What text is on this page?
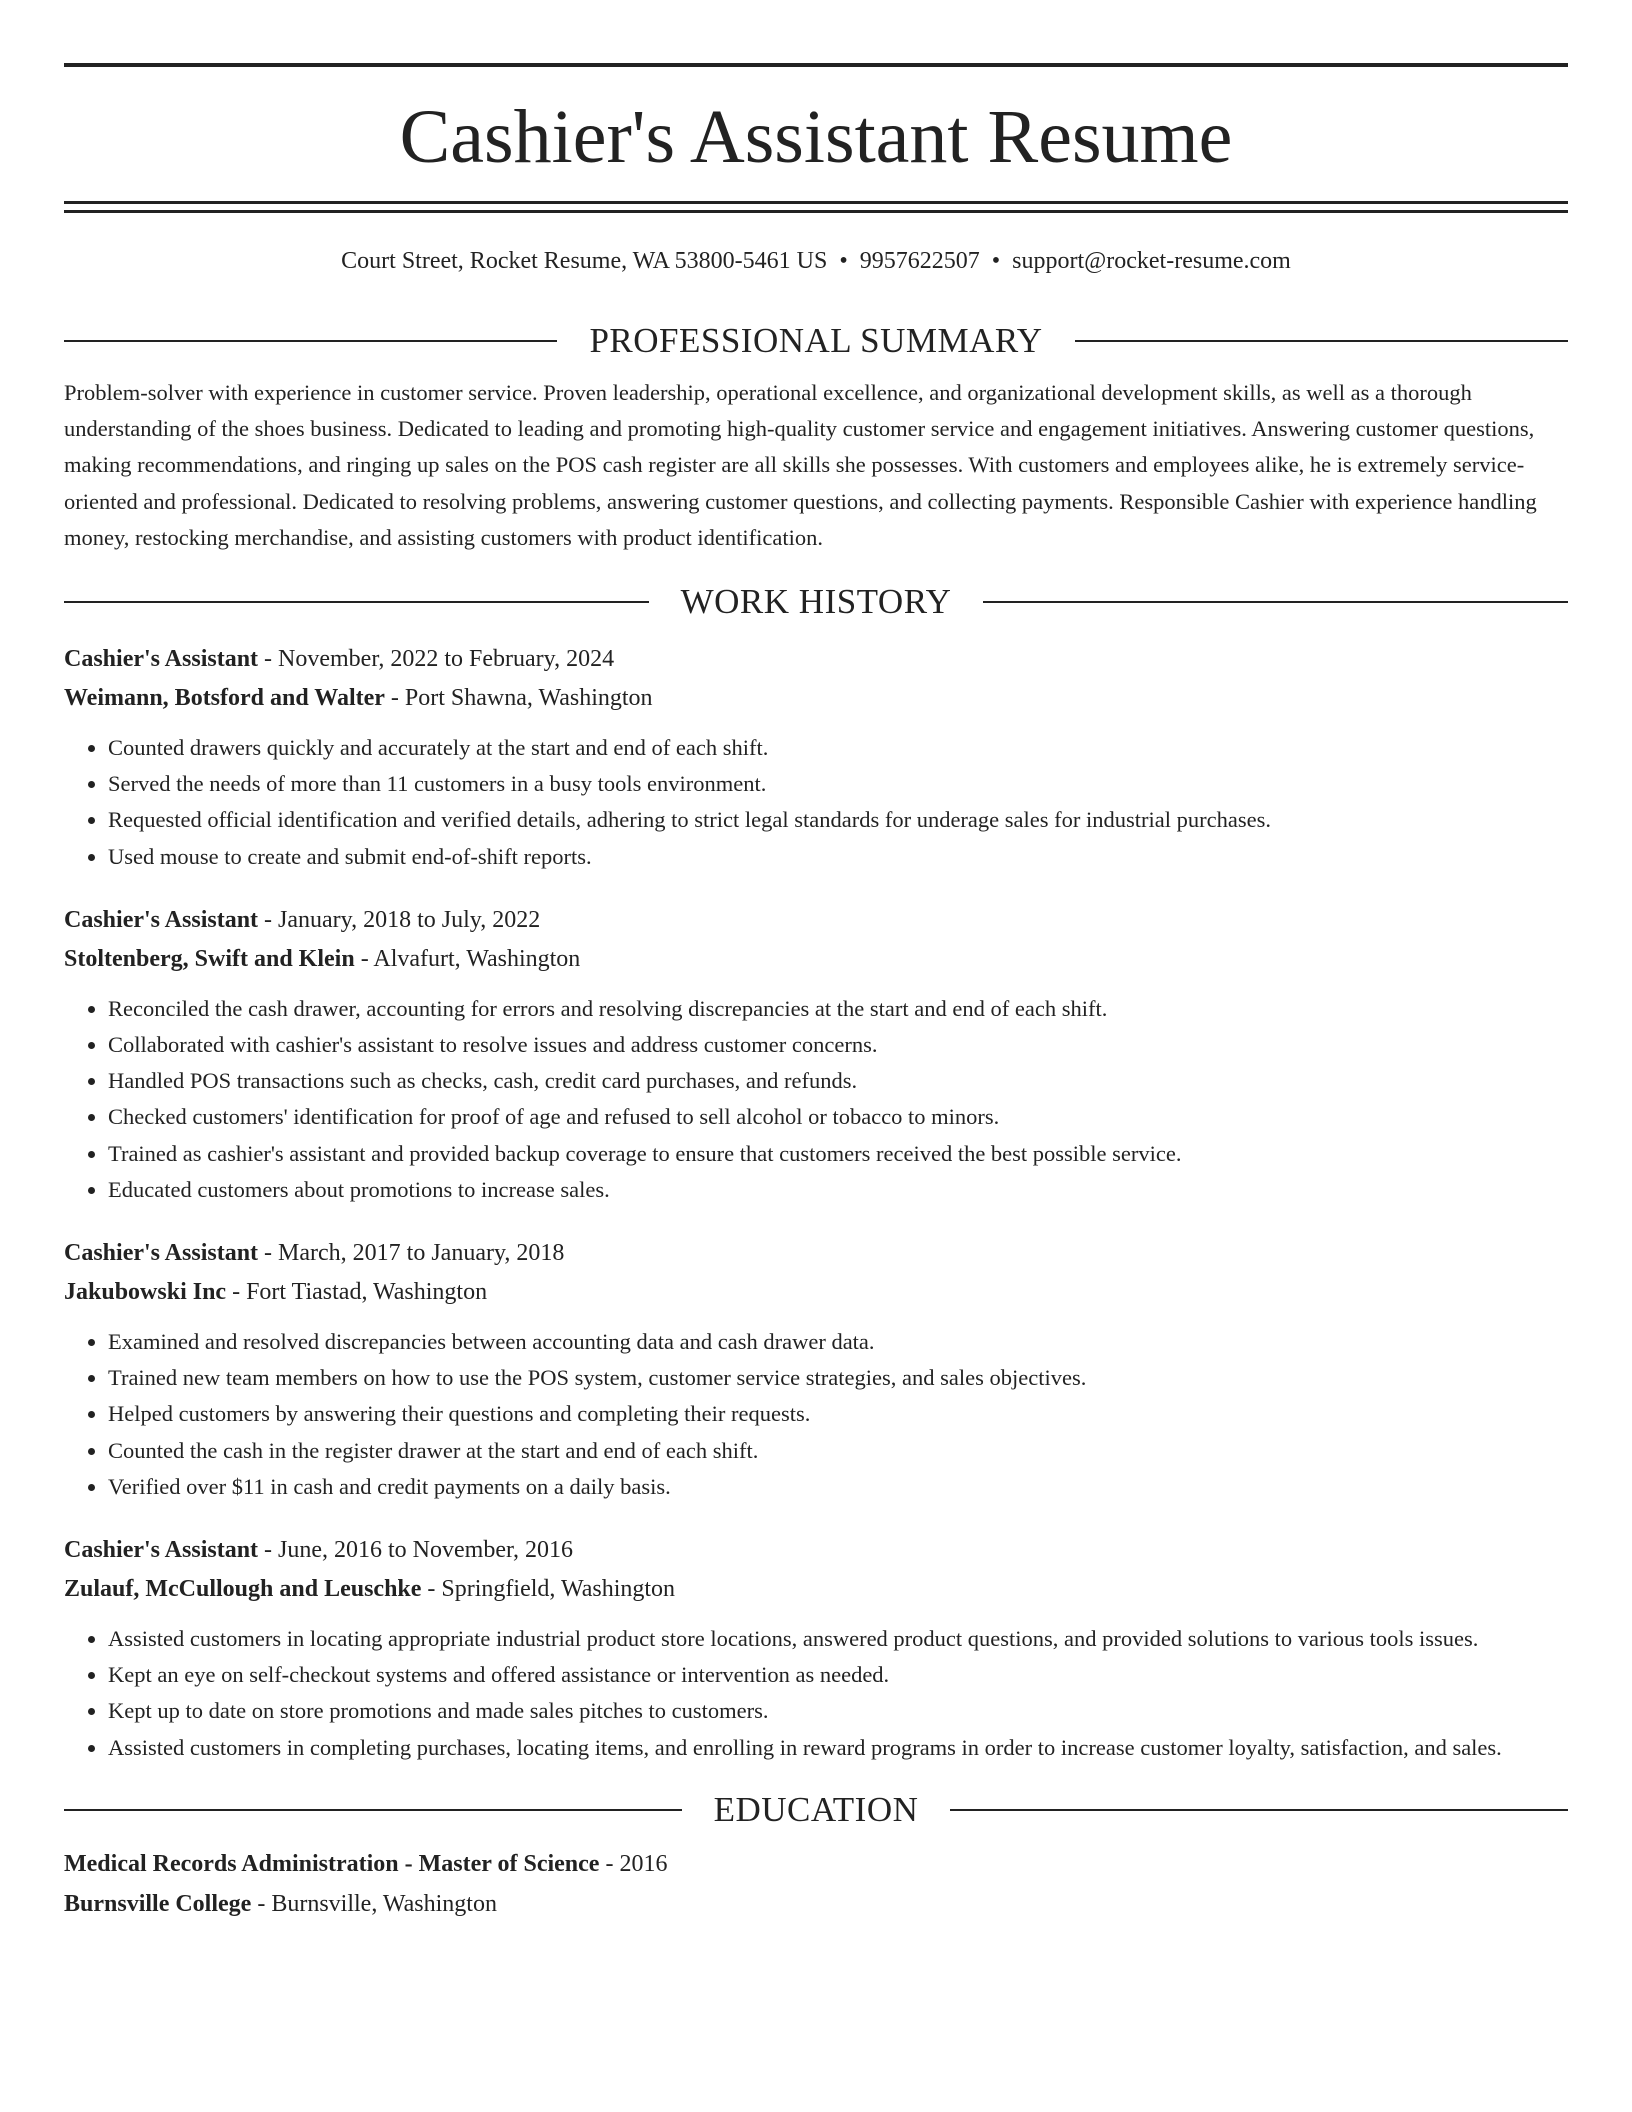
Cashier's Assistant Resume
Court Street, Rocket Resume, WA 53800-5461 US • 9957622507 • support@rocket-resume.com
PROFESSIONAL SUMMARY
Problem-solver with experience in customer service. Proven leadership, operational excellence, and organizational development skills, as well as a thorough understanding of the shoes business. Dedicated to leading and promoting high-quality customer service and engagement initiatives. Answering customer questions, making recommendations, and ringing up sales on the POS cash register are all skills she possesses. With customers and employees alike, he is extremely service-oriented and professional. Dedicated to resolving problems, answering customer questions, and collecting payments. Responsible Cashier with experience handling money, restocking merchandise, and assisting customers with product identification.
WORK HISTORY
Cashier's Assistant - November, 2022 to February, 2024
Weimann, Botsford and Walter - Port Shawna, Washington
• Counted drawers quickly and accurately at the start and end of each shift.
• Served the needs of more than 11 customers in a busy tools environment.
• Requested official identification and verified details, adhering to strict legal standards for underage sales for industrial purchases.
• Used mouse to create and submit end-of-shift reports.
Cashier's Assistant - January, 2018 to July, 2022
Stoltenberg, Swift and Klein - Alvafurt, Washington
• Reconciled the cash drawer, accounting for errors and resolving discrepancies at the start and end of each shift.
• Collaborated with cashier's assistant to resolve issues and address customer concerns.
• Handled POS transactions such as checks, cash, credit card purchases, and refunds.
• Checked customers' identification for proof of age and refused to sell alcohol or tobacco to minors.
• Trained as cashier's assistant and provided backup coverage to ensure that customers received the best possible service.
• Educated customers about promotions to increase sales.
Cashier's Assistant - March, 2017 to January, 2018
Jakubowski Inc - Fort Tiastad, Washington
• Examined and resolved discrepancies between accounting data and cash drawer data.
• Trained new team members on how to use the POS system, customer service strategies, and sales objectives.
• Helped customers by answering their questions and completing their requests.
• Counted the cash in the register drawer at the start and end of each shift.
• Verified over $11 in cash and credit payments on a daily basis.
Cashier's Assistant - June, 2016 to November, 2016
Zulauf, McCullough and Leuschke - Springfield, Washington
• Assisted customers in locating appropriate industrial product store locations, answered product questions, and provided solutions to various tools issues.
• Kept an eye on self-checkout systems and offered assistance or intervention as needed.
• Kept up to date on store promotions and made sales pitches to customers.
• Assisted customers in completing purchases, locating items, and enrolling in reward programs in order to increase customer loyalty, satisfaction, and sales.
EDUCATION
Medical Records Administration - Master of Science - 2016
Burnsville College - Burnsville, Washington
